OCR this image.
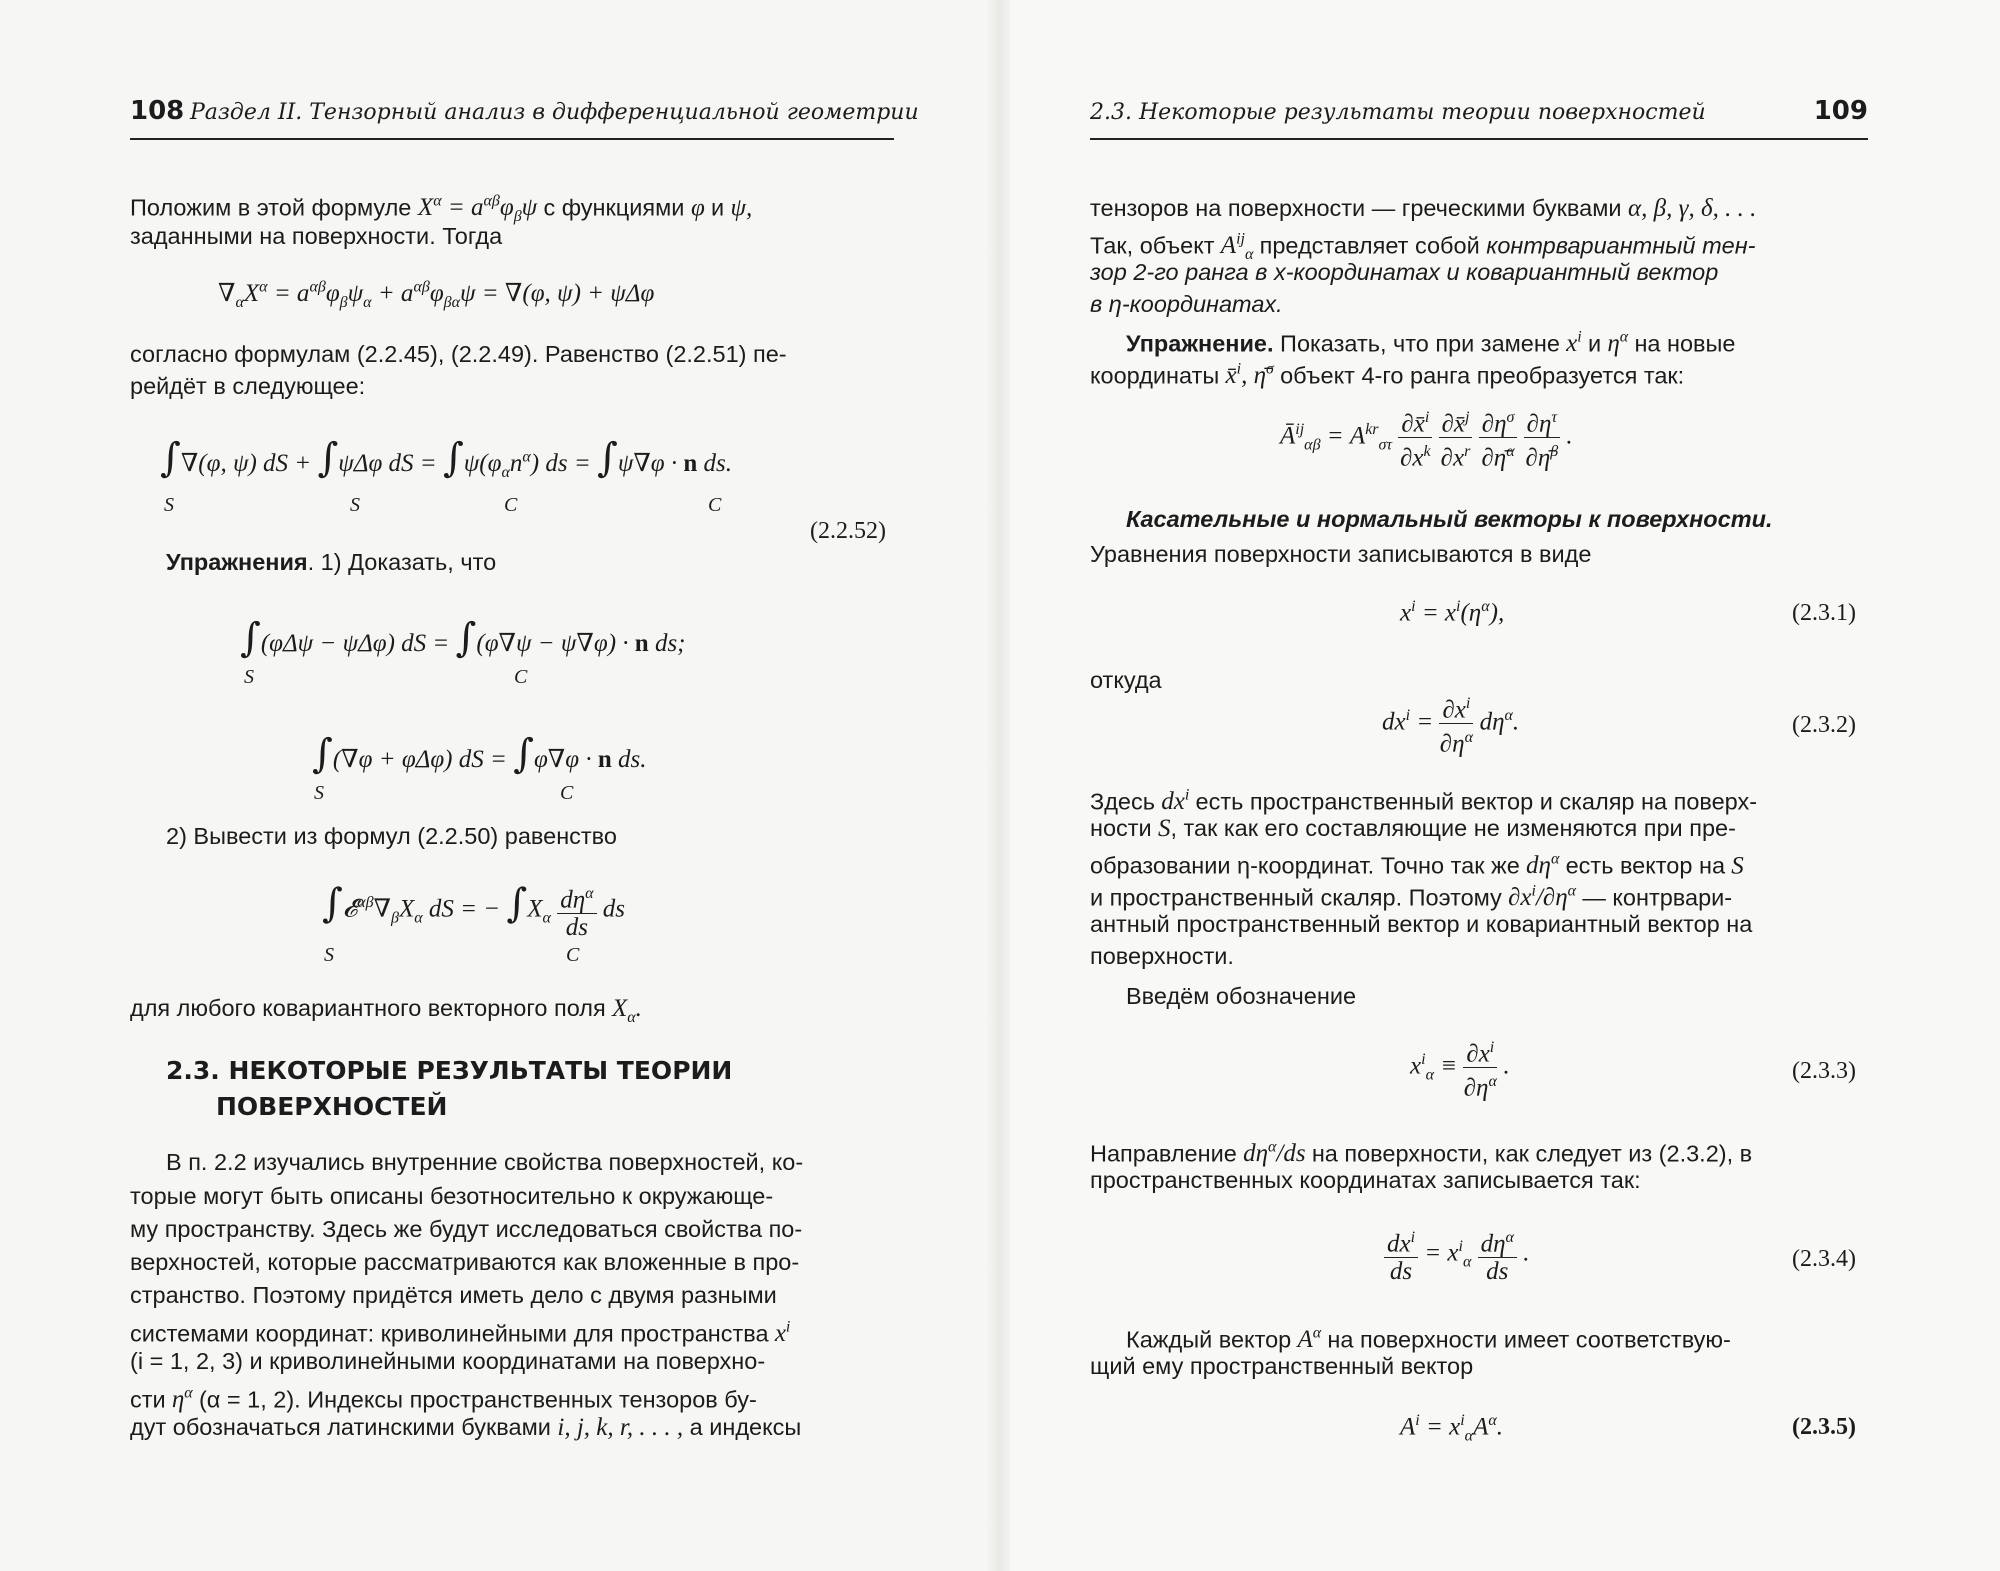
108 Раздел II. Тензорный анализ в дифференциальной геометрии
Положим в этой формуле $X^\alpha = a^{\alpha\beta}\varphi_\beta\psi$ с функциями φ и ψ,
заданными на поверхности. Тогда
$\nabla_\alpha X^\alpha = a^{\alpha\beta}\varphi_\beta\psi_\alpha + a^{\alpha\beta}\varphi_{\beta\alpha}\psi = \nabla(\varphi$, ψ) + ψΔφ
согласно формулам (2.2.45), (2.2.49). Равенство (2.2.51) пе-
рейдёт в следующее:
∫∇(φ, ψ) dS + ∫ψΔφ dS = $\int\psi(\varphi_\alpha n^\alpha)$ ds = ∫ψ∇φ · n ds.
S	S	C	C
(2.2.52)
Упражнения. 1) Доказать, что
∫(φΔψ − ψΔφ) dS = ∫(φ∇ψ − ψ∇φ) · n ds;
S	C
∫(∇φ + φΔφ) dS = ∫φ∇φ · n ds.
S	C
2) Вывести из формул (2.2.50) равенство
$\int 𝓔^{\alpha\beta}\nabla_\beta X_\alpha$ dS = − $\int X_\alpha \frac{d\eta^\alpha}{ds}$ ds
S	C
для любого ковариантного векторного поля $X_\alpha$.
2.3. НЕКОТОРЫЕ РЕЗУЛЬТАТЫ ТЕОРИИ
ПОВЕРХНОСТЕЙ
В п. 2.2 изучались внутренние свойства поверхностей, ко-
торые могут быть описаны безотносительно к окружающе-
му пространству. Здесь же будут исследоваться свойства по-
верхностей, которые рассматриваются как вложенные в про-
странство. Поэтому придётся иметь дело с двумя разными
системами координат: криволинейными для пространства $x^i$
(i = 1, 2, 3) и криволинейными координатами на поверхно-
сти $\eta^\alpha$ (α = 1, 2). Индексы пространственных тензоров бу-
дут обозначаться латинскими буквами i, j, k, r, . . . , а индексы
2.3. Некоторые результаты теории поверхностей	109
тензоров на поверхности — греческими буквами α, β, γ, δ, . . .
Так, объект $A^{ij}_\alpha$ представляет собой контрвариантный тен-
зор 2-го ранга в x-координатах и ковариантный вектор
в η-координатах.
Упражнение. Показать, что при замене $x^i$ и $\eta^\alpha$ на новые
координаты x̄$^i$, η̄$^\sigma$ объект 4-го ранга преобразуется так:
$Ā^{ij}_{\alpha\beta} = A^{kr}_{\sigma\tau} \frac{\partial x̄^i}{\partial x^k}$
$\frac{\partial x̄^j}{\partial x^r}$
$\frac{\partial\eta^\sigma}{\partial\etā^\alpha}$
$\frac{\partial\eta^\tau}{\partial\etā^\beta}$ .
Касательные и нормальный векторы к поверхности.
Уравнения поверхности записываются в виде
$x^i = x^i(\eta^\alpha)$,	(2.3.1)
откуда
$dx^i = \frac{\partial x^i}{\partial\eta^\alpha} d\eta^\alpha$.	(2.3.2)
Здесь $dx^i$ есть пространственный вектор и скаляр на поверх-
ности S, так как его составляющие не изменяются при пре-
образовании η-координат. Точно так же $d\eta^\alpha$ есть вектор на S
и пространственный скаляр. Поэтому $\partial x^i/\partial\eta^\alpha$ — контрвари-
антный пространственный вектор и ковариантный вектор на
поверхности.
Введём обозначение
$x^i_\alpha \equiv \frac{\partial x^i}{\partial\eta^\alpha}$ .	(2.3.3)
Направление $d\eta^\alpha/ds$ на поверхности, как следует из (2.3.2), в
пространственных координатах записывается так:
$\frac{dx^i}{ds} = x^i_\alpha \frac{d\eta^\alpha}{ds}$ .	(2.3.4)
Каждый вектор $A^\alpha$ на поверхности имеет соответствую-
щий ему пространственный вектор
$A^i = x^i_\alpha A^\alpha$.	(2.3.5)
